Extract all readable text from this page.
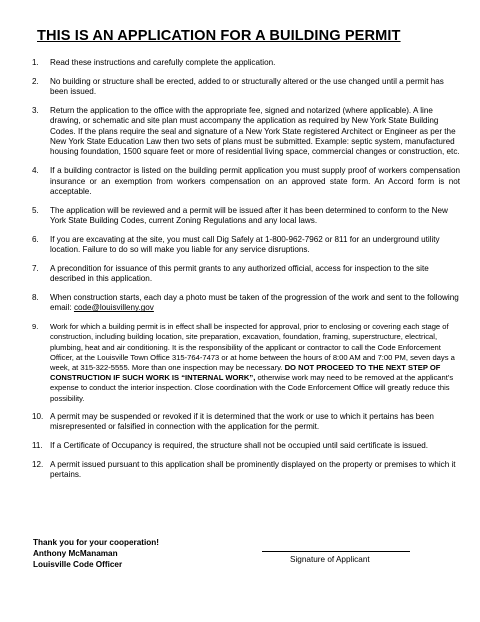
THIS IS AN APPLICATION FOR A BUILDING PERMIT
1.	Read these instructions and carefully complete the application.
2.	No building or structure shall be erected, added to or structurally altered or the use changed until a permit has been issued.
3.	Return the application to the office with the appropriate fee, signed and notarized (where applicable). A line drawing, or schematic and site plan must accompany the application as required by New York State Building Codes. If the plans require the seal and signature of a New York State registered Architect or Engineer as per the New York State Education Law then two sets of plans must be submitted. Example: septic system, manufactured housing foundation, 1500 square feet or more of residential living space, commercial changes or construction, etc.
4.	If a building contractor is listed on the building permit application you must supply proof of workers compensation insurance or an exemption from workers compensation on an approved state form. An Accord form is not acceptable.
5.	The application will be reviewed and a permit will be issued after it has been determined to conform to the New York State Building Codes, current Zoning Regulations and any local laws.
6.	If you are excavating at the site, you must call Dig Safely at 1-800-962-7962 or 811 for an underground utility location. Failure to do so will make you liable for any service disruptions.
7.	A precondition for issuance of this permit grants to any authorized official, access for inspection to the site described in this application.
8.	When construction starts, each day a photo must be taken of the progression of the work and sent to the following email: code@louisvilleny.gov
9.	Work for which a building permit is in effect shall be inspected for approval, prior to enclosing or covering each stage of construction, including building location, site preparation, excavation, foundation, framing, superstructure, electrical, plumbing, heat and air conditioning. It is the responsibility of the applicant or contractor to call the Code Enforcement Officer, at the Louisville Town Office 315-764-7473 or at home between the hours of 8:00 AM and 7:00 PM, seven days a week, at 315-322-5555. More than one inspection may be necessary. DO NOT PROCEED TO THE NEXT STEP OF CONSTRUCTION IF SUCH WORK IS “INTERNAL WORK”, otherwise work may need to be removed at the applicant’s expense to conduct the interior inspection. Close coordination with the Code Enforcement Office will greatly reduce this possibility.
10. A permit may be suspended or revoked if it is determined that the work or use to which it pertains has been misrepresented or falsified in connection with the application for the permit.
11. If a Certificate of Occupancy is required, the structure shall not be occupied until said certificate is issued.
12. A permit issued pursuant to this application shall be prominently displayed on the property or premises to which it pertains.
Thank you for your cooperation!
Anthony McManaman
Louisville Code Officer
Signature of Applicant
